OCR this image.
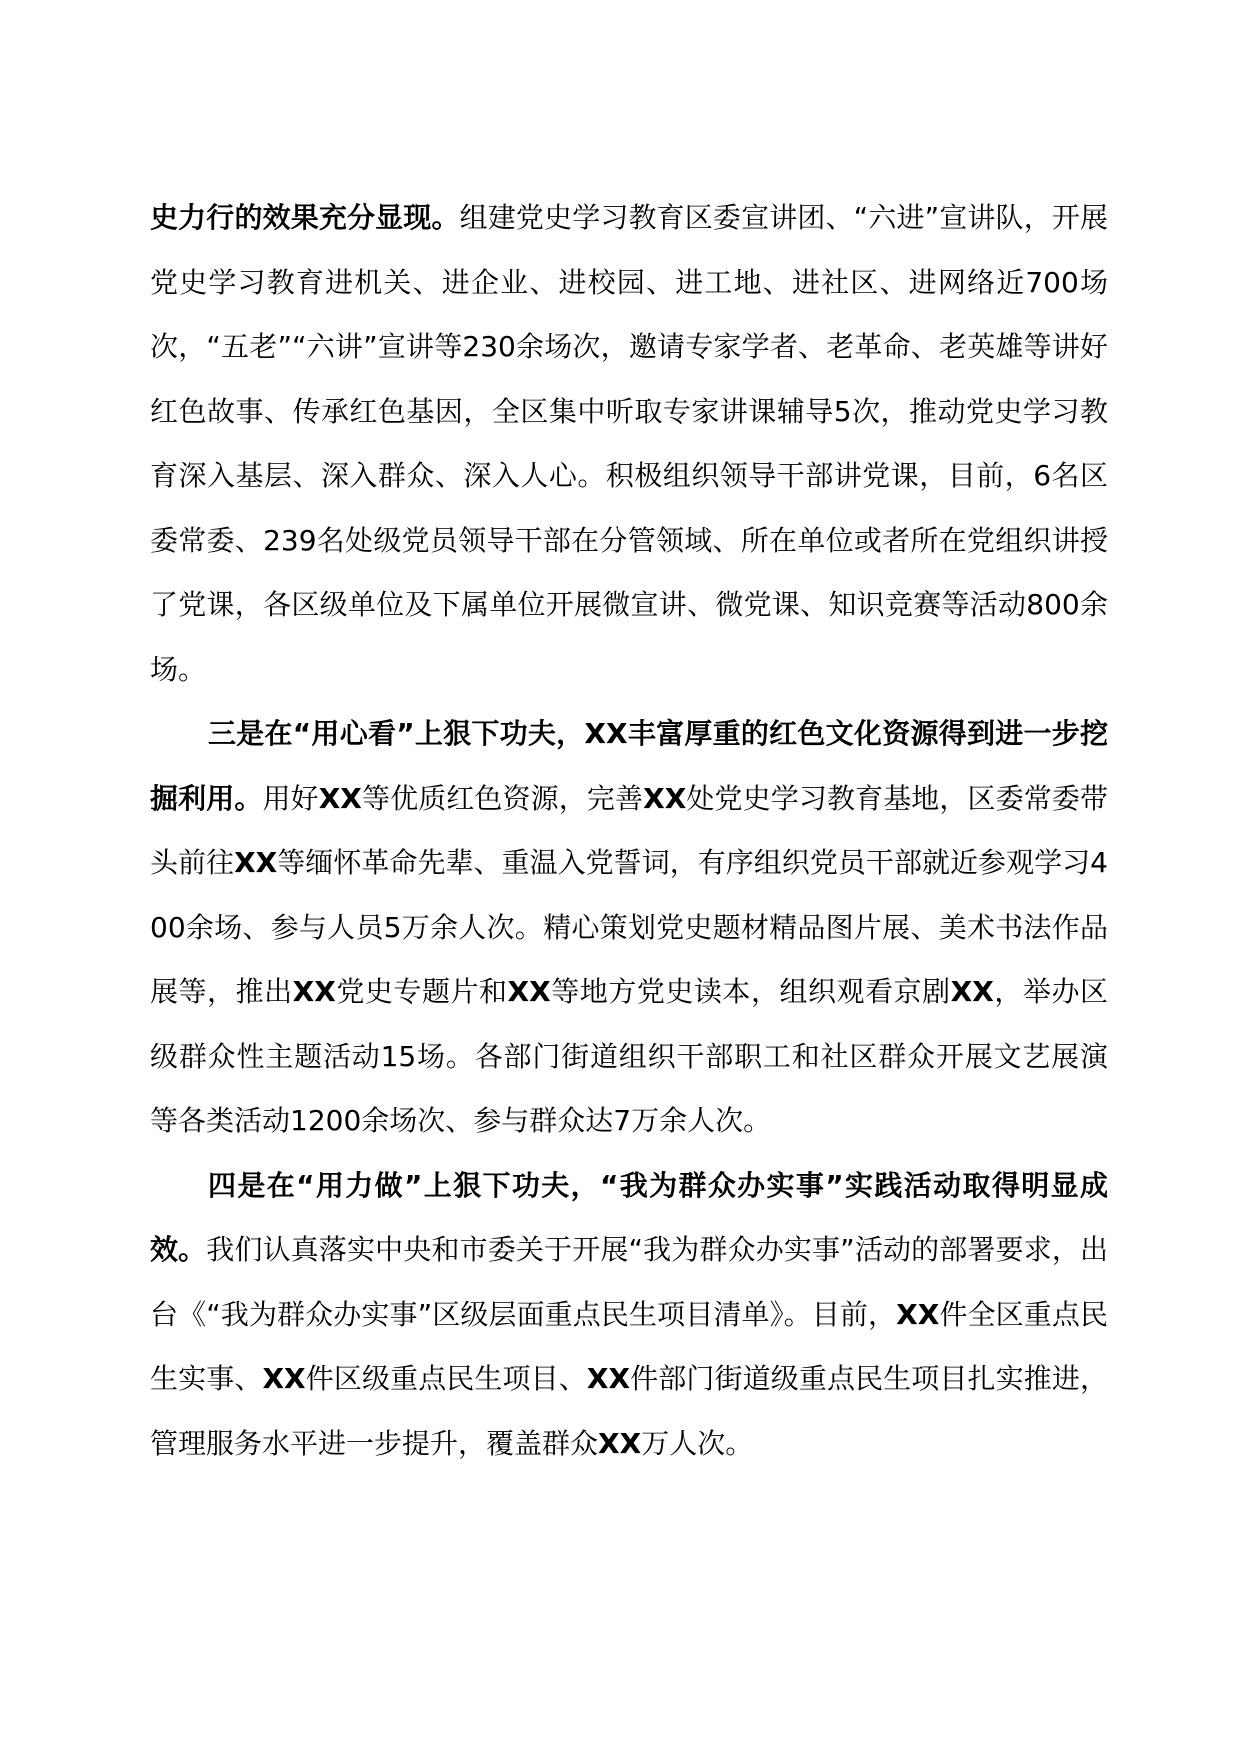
史力行的效果充分显现。组建党史学习教育区委宣讲团、“六进”宣讲队，开展党史学习教育进机关、进企业、进校园、进工地、进社区、进网络近700场次，“五老”“六讲”宣讲等230余场次，邀请专家学者、老革命、老英雄等讲好红色故事、传承红色基因，全区集中听取专家讲课辅导5次，推动党史学习教育深入基层、深入群众、深入人心。积极组织领导干部讲党课，目前，6名区委常委、239名处级党员领导干部在分管领域、所在单位或者所在党组织讲授了党课，各区级单位及下属单位开展微宣讲、微党课、知识竞赛等活动800余场。

三是在“用心看”上狠下功夫，XX丰富厚重的红色文化资源得到进一步挖掘利用。用好XX等优质红色资源，完善XX处党史学习教育基地，区委常委带头前往XX等缅怀革命先辈、重温入党誓词，有序组织党员干部就近参观学习400余场、参与人员5万余人次。精心策划党史题材精品图片展、美术书法作品展等，推出XX党史专题片和XX等地方党史读本，组织观看京剧XX，举办区级群众性主题活动15场。各部门街道组织干部职工和社区群众开展文艺展演等各类活动1200余场次、参与群众达7万余人次。

四是在“用力做”上狠下功夫，“我为群众办实事”实践活动取得明显成效。我们认真落实中央和市委关于开展“我为群众办实事”活动的部署要求，出台《“我为群众办实事”区级层面重点民生项目清单》。目前，XX件全区重点民生实事、XX件区级重点民生项目、XX件部门街道级重点民生项目扎实推进，管理服务水平进一步提升，覆盖群众XX万人次。
